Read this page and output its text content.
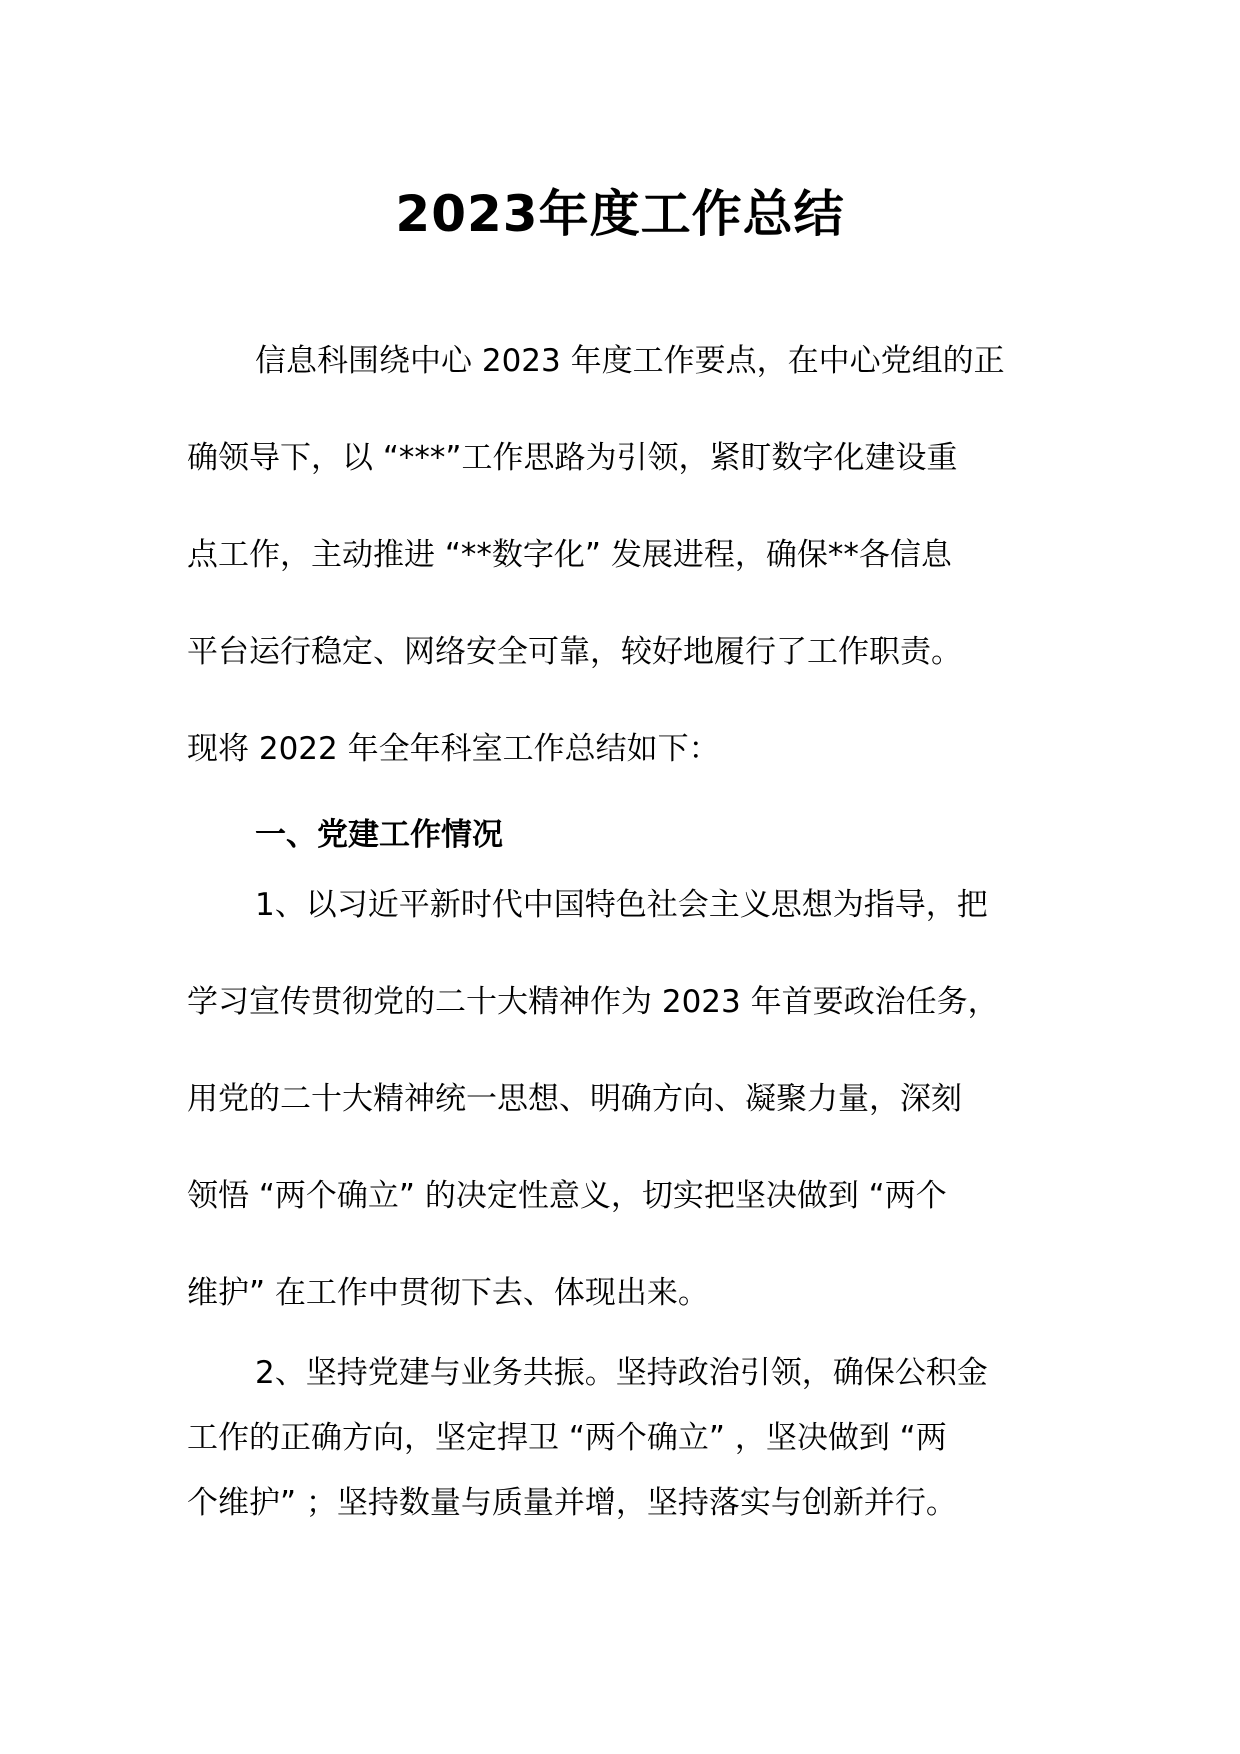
2023年度工作总结

信息科围绕中心 2023 年度工作要点，在中心党组的正

确领导下，以 “***”工作思路为引领，紧盯数字化建设重

点工作，主动推进 “**数字化” 发展进程，确保**各信息

平台运行稳定、网络安全可靠，较好地履行了工作职责。

现将 2022 年全年科室工作总结如下：

一、党建工作情况

1、以习近平新时代中国特色社会主义思想为指导，把

学习宣传贯彻党的二十大精神作为 2023 年首要政治任务，

用党的二十大精神统一思想、明确方向、凝聚力量，深刻

领悟 “两个确立” 的决定性意义，切实把坚决做到 “两个

维护” 在工作中贯彻下去、体现出来。

2、坚持党建与业务共振。坚持政治引领，确保公积金

工作的正确方向，坚定捍卫 “两个确立” ，坚决做到 “两

个维护” ；坚持数量与质量并增，坚持落实与创新并行。
